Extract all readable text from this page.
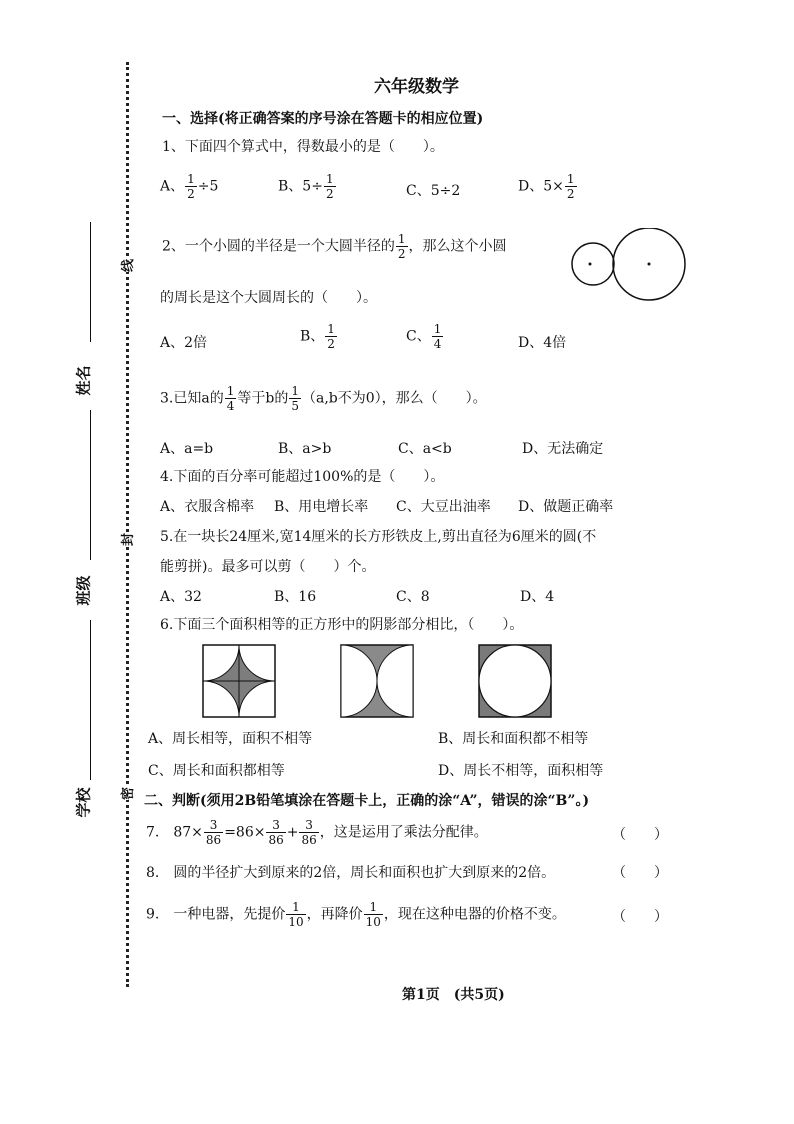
姓名
班级
学校
线
封
密
六年级数学
一、选择(将正确答案的序号涂在答题卡的相应位置)
1、下面四个算式中，得数最小的是（　　）。
A、 $\frac{1}{2} \div 5$	B、$5\div \frac{1}{2}$	C、5÷2	D、$5\times \frac{1}{2}$
2、一个小圆的半径是一个大圆半径的 $\frac{1}{2}$ ，那么这个小圆
的周长是这个大圆周长的（　　）。
A、2倍	B、 $\frac{1}{2}$	C、 $\frac{1}{4}$	D、4倍
3.已知a的 $\frac{1}{4}$ 等于b的 $\frac{1}{5} (a,b$不为0），那么（　　）。
A、a=b	B、a>b	C、a<b	D、无法确定
4.下面的百分率可能超过100%的是（　　）。
A、衣服含棉率 B、用电增长率 C、大豆出油率 D、做题正确率
5.在一块长24厘米,宽14厘米的长方形铁皮上,剪出直径为6厘米的圆(不
能剪拼)。最多可以剪（　　）个。
A、32	B、16	C、8	D、4
6.下面三个面积相等的正方形中的阴影部分相比，（　　）。
A、周长相等，面积不相等	B、周长和面积都不相等
C、周长和面积都相等	D、周长不相等，面积相等
二、判断(须用2B铅笔填涂在答题卡上，正确的涂“A”，错误的涂“B”。)
7.　$87\times \frac{3}{86} =86\times \frac{3}{86} + \frac{3}{86}$ ，这是运用了乘法分配律。	（　　）
8.　圆的半径扩大到原来的2倍，周长和面积也扩大到原来的2倍。	（　　）
9.　一种电器，先提价 $\frac{1}{10}$ ，再降价 $\frac{1}{10}$ ，现在这种电器的价格不变。	（　　）
第1页　(共5页)
